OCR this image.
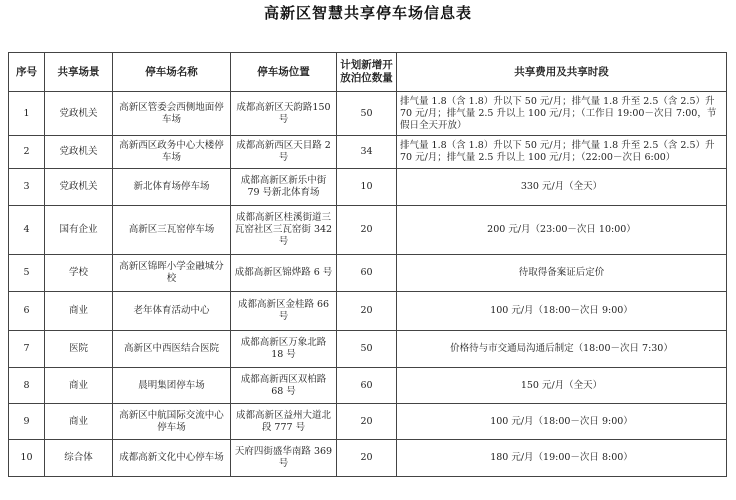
高新区智慧共享停车场信息表
序号	共享场景	停车场名称	停车场位置	计划新增开放泊位数量	共享费用及共享时段
1	党政机关	高新区管委会西侧地面停车场	成都高新区天韵路150号	50	排气量 1.8（含 1.8）升以下 50 元/月；排气量 1.8 升至 2.5（含 2.5）升 70 元/月；排气量 2.5 升以上 100 元/月；（工作日 19:00－次日 7:00，节假日全天开放）
2	党政机关	高新西区政务中心大楼停车场	成都高新西区天目路 2 号	34	排气量 1.8（含 1.8）升以下 50 元/月；排气量 1.8 升至 2.5（含 2.5）升 70 元/月；排气量 2.5 升以上 100 元/月；（22:00－次日 6:00）
3	党政机关	新北体育场停车场	成都高新区新乐中街 79 号新北体育场	10	330 元/月（全天）
4	国有企业	高新区三瓦窑停车场	成都高新区桂溪街道三瓦窑社区三瓦窑街 342 号	20	200 元/月（23:00－次日 10:00）
5	学校	高新区锦晖小学金融城分校	成都高新区锦烨路 6 号	60	待取得备案证后定价
6	商业	老年体育活动中心	成都高新区金桂路 66 号	20	100 元/月（18:00－次日 9:00）
7	医院	高新区中西医结合医院	成都高新区万象北路 18 号	50	价格待与市交通局沟通后制定（18:00－次日 7:30）
8	商业	晨明集团停车场	成都高新西区双柏路 68 号	60	150 元/月（全天）
9	商业	高新区中航国际交流中心停车场	成都高新区益州大道北段 777 号	20	100 元/月（18:00－次日 9:00）
10	综合体	成都高新文化中心停车场	天府四街盛华南路 369 号	20	180 元/月（19:00－次日 8:00）
